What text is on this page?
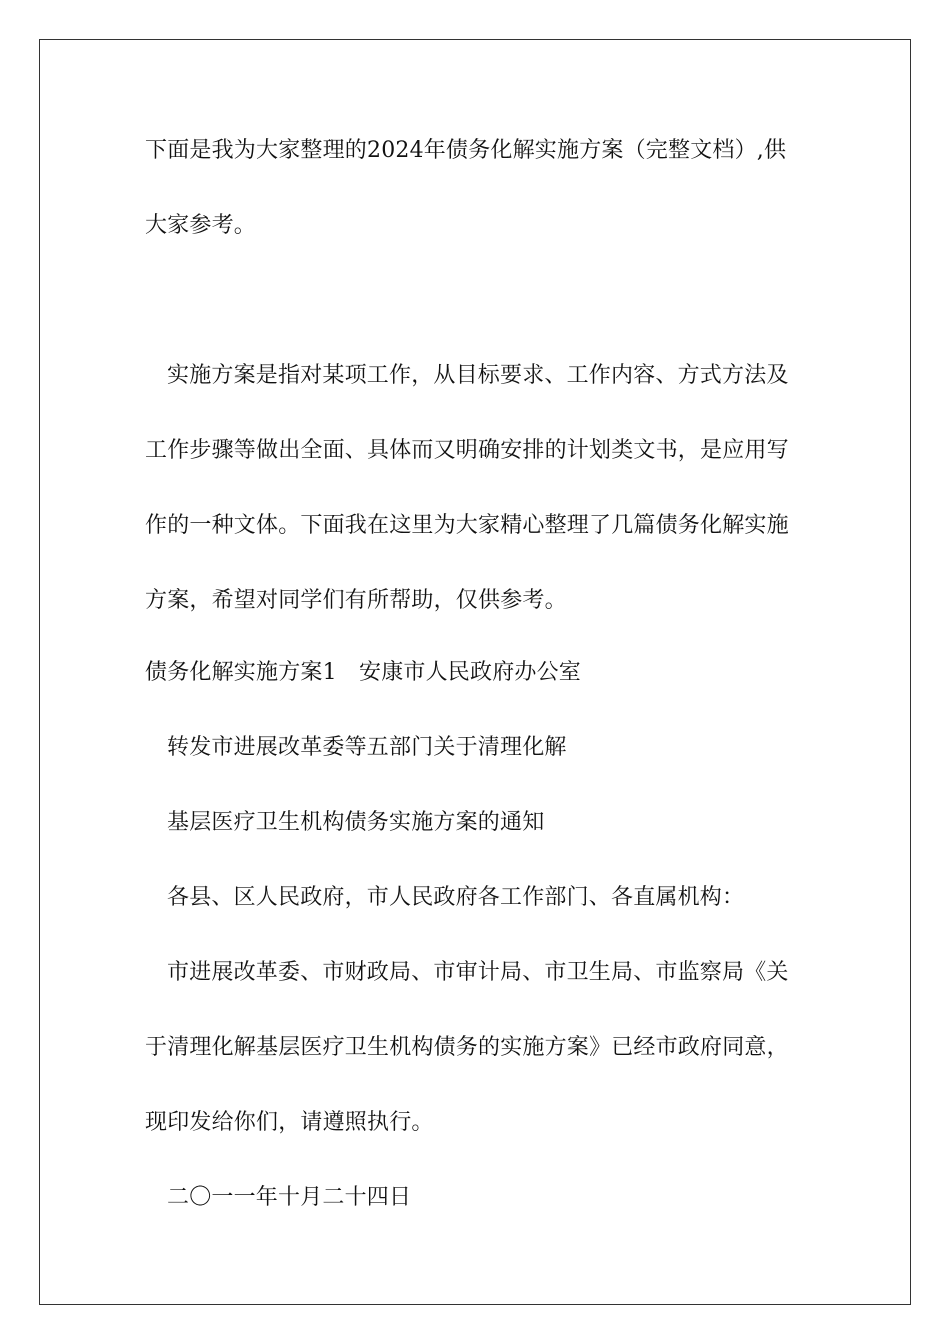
下面是我为大家整理的2024年债务化解实施方案（完整文档）,供
大家参考。
实施方案是指对某项工作，从目标要求、工作内容、方式方法及
工作步骤等做出全面、具体而又明确安排的计划类文书，是应用写
作的一种文体。下面我在这里为大家精心整理了几篇债务化解实施
方案，希望对同学们有所帮助，仅供参考。
债务化解实施方案1　安康市人民政府办公室
转发市进展改革委等五部门关于清理化解
基层医疗卫生机构债务实施方案的通知
各县、区人民政府，市人民政府各工作部门、各直属机构：
市进展改革委、市财政局、市审计局、市卫生局、市监察局《关
于清理化解基层医疗卫生机构债务的实施方案》已经市政府同意，
现印发给你们，请遵照执行。
二〇一一年十月二十四日
